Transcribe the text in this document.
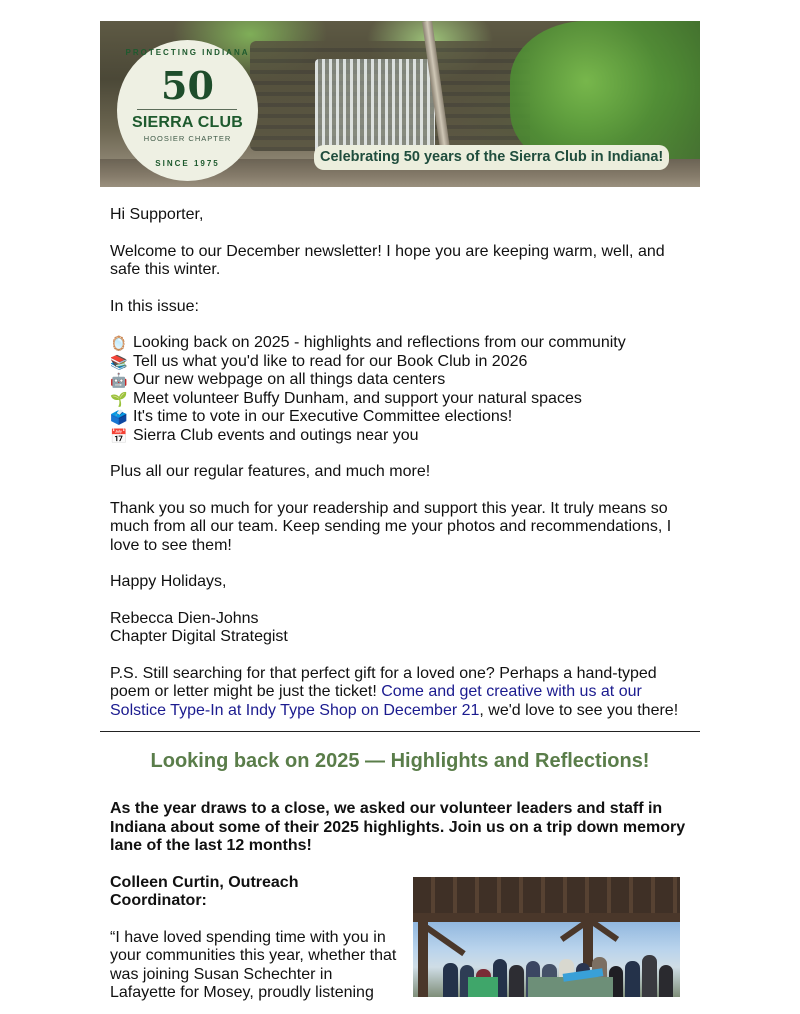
PROTECTING INDIANA
50
SIERRA CLUB
HOOSIER CHAPTER
SINCE 1975	Celebrating 50 years of the Sierra Club in Indiana!

Hi Supporter,

Welcome to our December newsletter! I hope you are keeping warm, well, and safe this winter.

In this issue:

🪞 Looking back on 2025 - highlights and reflections from our community
📚 Tell us what you'd like to read for our Book Club in 2026
🤖 Our new webpage on all things data centers
🌱 Meet volunteer Buffy Dunham, and support your natural spaces
🗳️ It's time to vote in our Executive Committee elections!
📅 Sierra Club events and outings near you

Plus all our regular features, and much more!

Thank you so much for your readership and support this year. It truly means so much from all our team. Keep sending me your photos and recommendations, I love to see them!

Happy Holidays,

Rebecca Dien-Johns
Chapter Digital Strategist

P.S. Still searching for that perfect gift for a loved one? Perhaps a hand-typed poem or letter might be just the ticket! Come and get creative with us at our Solstice Type-In at Indy Type Shop on December 21, we'd love to see you there!

Looking back on 2025 — Highlights and Reflections!

As the year draws to a close, we asked our volunteer leaders and staff in Indiana about some of their 2025 highlights. Join us on a trip down memory lane of the last 12 months!

Colleen Curtin, Outreach Coordinator:
“I have loved spending time with you in your communities this year, whether that was joining Susan Schechter in Lafayette for Mosey, proudly listening
